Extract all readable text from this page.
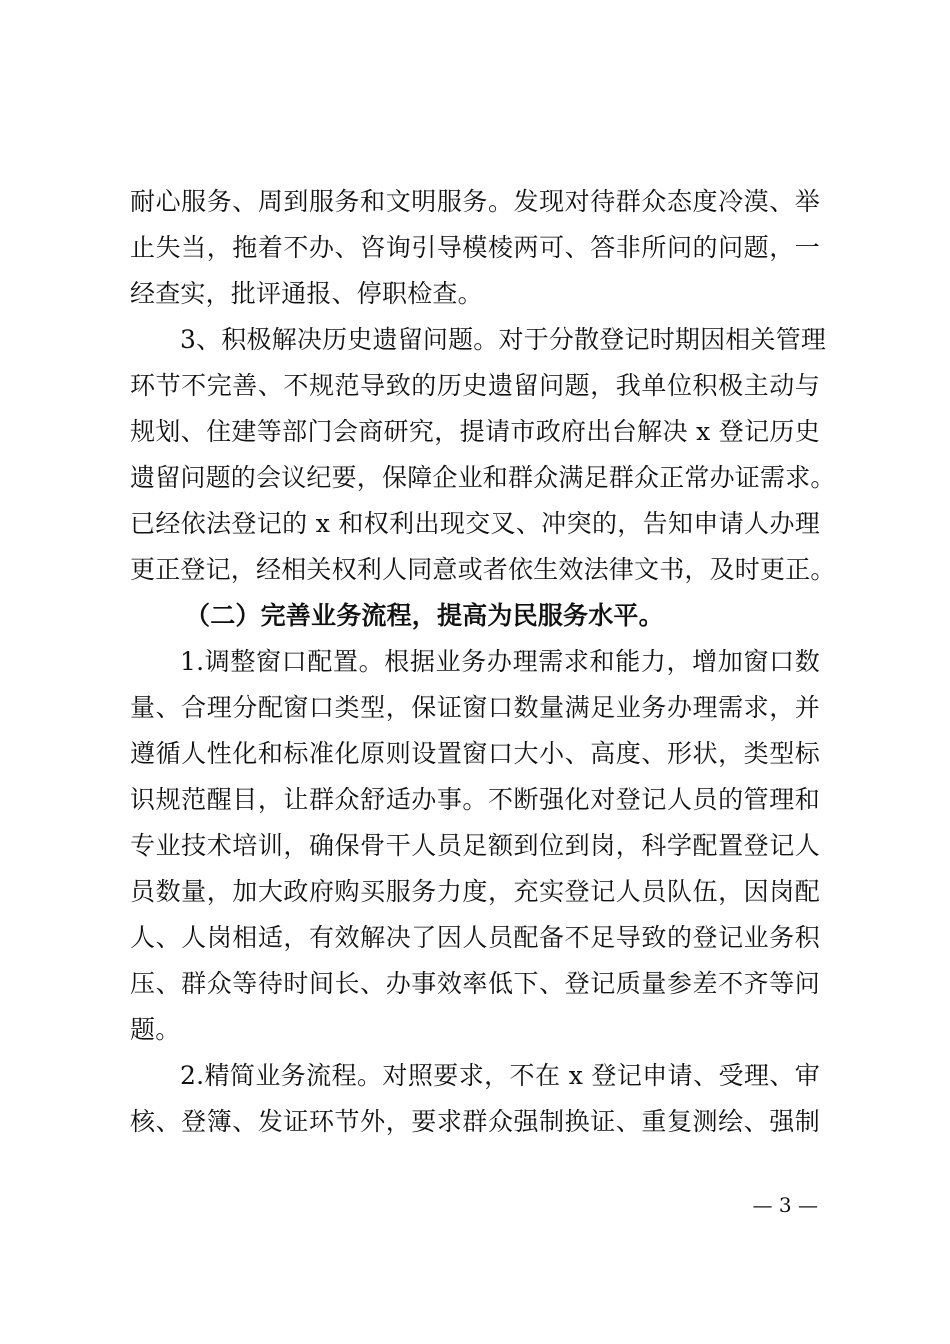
耐心服务、周到服务和文明服务。发现对待群众态度冷漠、举
止失当，拖着不办、咨询引导模棱两可、答非所问的问题，一
经查实，批评通报、停职检查。
3、积极解决历史遗留问题。对于分散登记时期因相关管理
环节不完善、不规范导致的历史遗留问题，我单位积极主动与
规划、住建等部门会商研究，提请市政府出台解决 x 登记历史
遗留问题的会议纪要，保障企业和群众满足群众正常办证需求。
已经依法登记的 x 和权利出现交叉、冲突的，告知申请人办理
更正登记，经相关权利人同意或者依生效法律文书，及时更正。
（二）完善业务流程，提高为民服务水平。
1.调整窗口配置。根据业务办理需求和能力，增加窗口数
量、合理分配窗口类型，保证窗口数量满足业务办理需求，并
遵循人性化和标准化原则设置窗口大小、高度、形状，类型标
识规范醒目，让群众舒适办事。不断强化对登记人员的管理和
专业技术培训，确保骨干人员足额到位到岗，科学配置登记人
员数量，加大政府购买服务力度，充实登记人员队伍，因岗配
人、人岗相适，有效解决了因人员配备不足导致的登记业务积
压、群众等待时间长、办事效率低下、登记质量参差不齐等问
题。
2.精简业务流程。对照要求，不在 x 登记申请、受理、审
核、登簿、发证环节外，要求群众强制换证、重复测绘、强制
— 3 —
